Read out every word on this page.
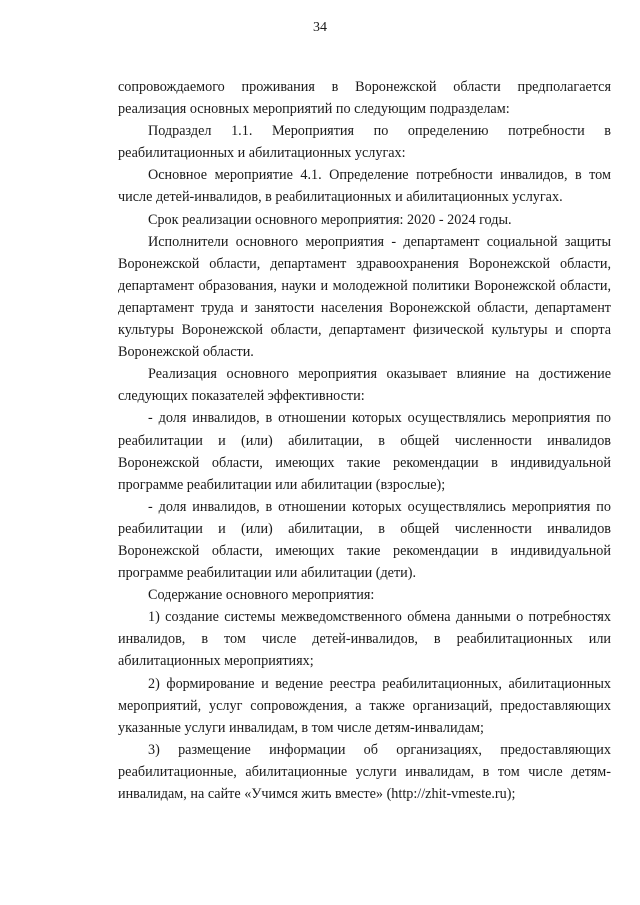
34

сопровождаемого проживания в Воронежской области предполагается реализация основных мероприятий по следующим подразделам:

Подраздел 1.1. Мероприятия по определению потребности в реабилитационных и абилитационных услугах:

Основное мероприятие 4.1. Определение потребности инвалидов, в том числе детей-инвалидов, в реабилитационных и абилитационных услугах.

Срок реализации основного мероприятия: 2020 - 2024 годы.

Исполнители основного мероприятия - департамент социальной защиты Воронежской области, департамент здравоохранения Воронежской области, департамент образования, науки и молодежной политики Воронежской области, департамент труда и занятости населения Воронежской области, департамент культуры Воронежской области, департамент физической культуры и спорта Воронежской области.

Реализация основного мероприятия оказывает влияние на достижение следующих показателей эффективности:

- доля инвалидов, в отношении которых осуществлялись мероприятия по реабилитации и (или) абилитации, в общей численности инвалидов Воронежской области, имеющих такие рекомендации в индивидуальной программе реабилитации или абилитации (взрослые);

- доля инвалидов, в отношении которых осуществлялись мероприятия по реабилитации и (или) абилитации, в общей численности инвалидов Воронежской области, имеющих такие рекомендации в индивидуальной программе реабилитации или абилитации (дети).

Содержание основного мероприятия:

1) создание системы межведомственного обмена данными о потребностях инвалидов, в том числе детей-инвалидов, в реабилитационных или абилитационных мероприятиях;

2) формирование и ведение реестра реабилитационных, абилитационных мероприятий, услуг сопровождения, а также организаций, предоставляющих указанные услуги инвалидам, в том числе детям-инвалидам;

3) размещение информации об организациях, предоставляющих реабилитационные, абилитационные услуги инвалидам, в том числе детям-инвалидам, на сайте «Учимся жить вместе» (http://zhit-vmeste.ru);
